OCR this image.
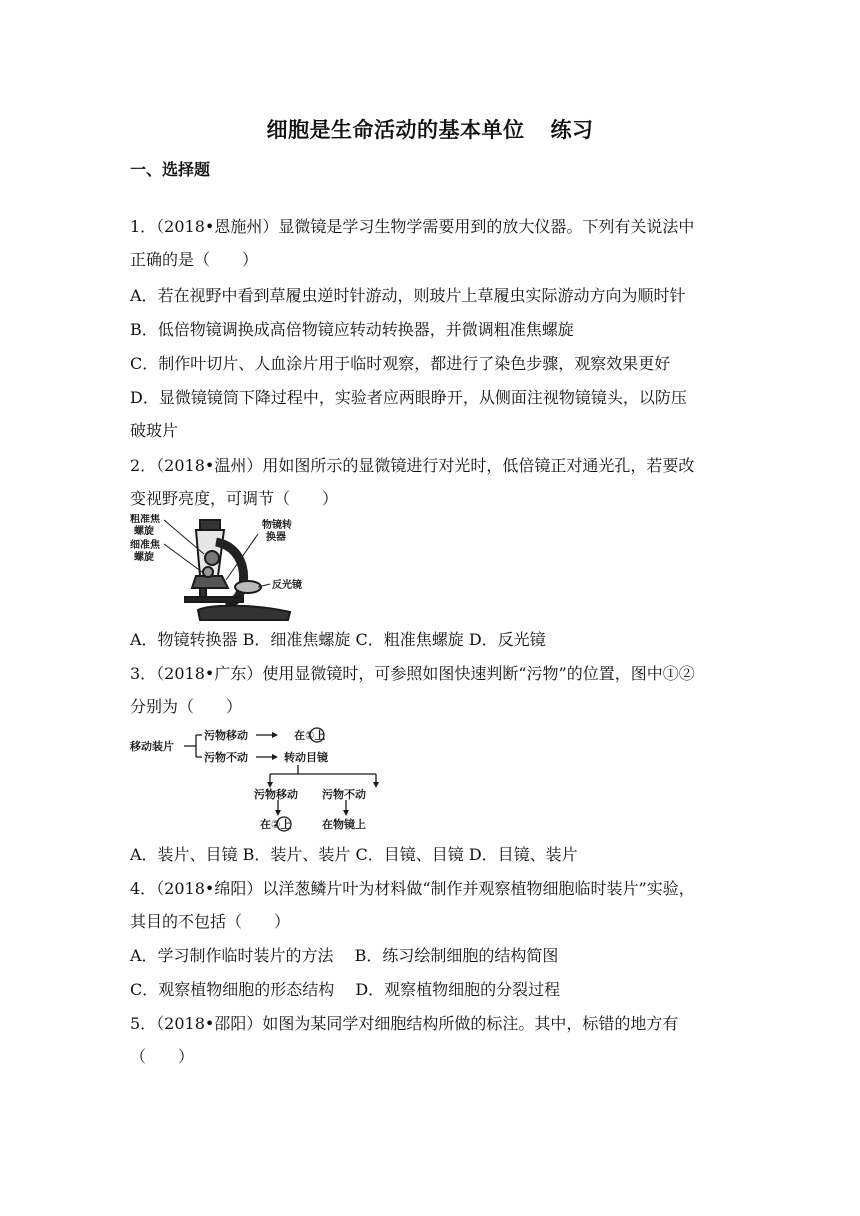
细胞是生命活动的基本单位 练习
一、选择题
1．（2018•恩施州）显微镜是学习生物学需要用到的放大仪器。下列有关说法中
正确的是（　　）
A．若在视野中看到草履虫逆时针游动，则玻片上草履虫实际游动方向为顺时针
B．低倍物镜调换成高倍物镜应转动转换器，并微调粗准焦螺旋
C．制作叶切片、人血涂片用于临时观察，都进行了染色步骤，观察效果更好
D．显微镜镜筒下降过程中，实验者应两眼睁开，从侧面注视物镜镜头，以防压
破玻片
2．（2018•温州）用如图所示的显微镜进行对光时，低倍镜正对通光孔，若要改
变视野亮度，可调节（　　）
粗准焦
螺旋
细准焦
螺旋
物镜转
换器
反光镜
A．物镜转换器 B．细准焦螺旋 C．粗准焦螺旋 D．反光镜
3．（2018•广东）使用显微镜时，可参照如图快速判断“污物”的位置，图中①②
分别为（　　）
移动装片
污物移动
污物不动
在①上
转动目镜
污物移动 污物不动
在②上	在物镜上
A．装片、目镜 B．装片、装片 C．目镜、目镜 D．目镜、装片
4．（2018•绵阳）以洋葱鳞片叶为材料做“制作并观察植物细胞临时装片”实验，
其目的不包括（　　）
A．学习制作临时装片的方法　 B．练习绘制细胞的结构简图
C．观察植物细胞的形态结构　 D．观察植物细胞的分裂过程
5．（2018•邵阳）如图为某同学对细胞结构所做的标注。其中，标错的地方有
（　　）
